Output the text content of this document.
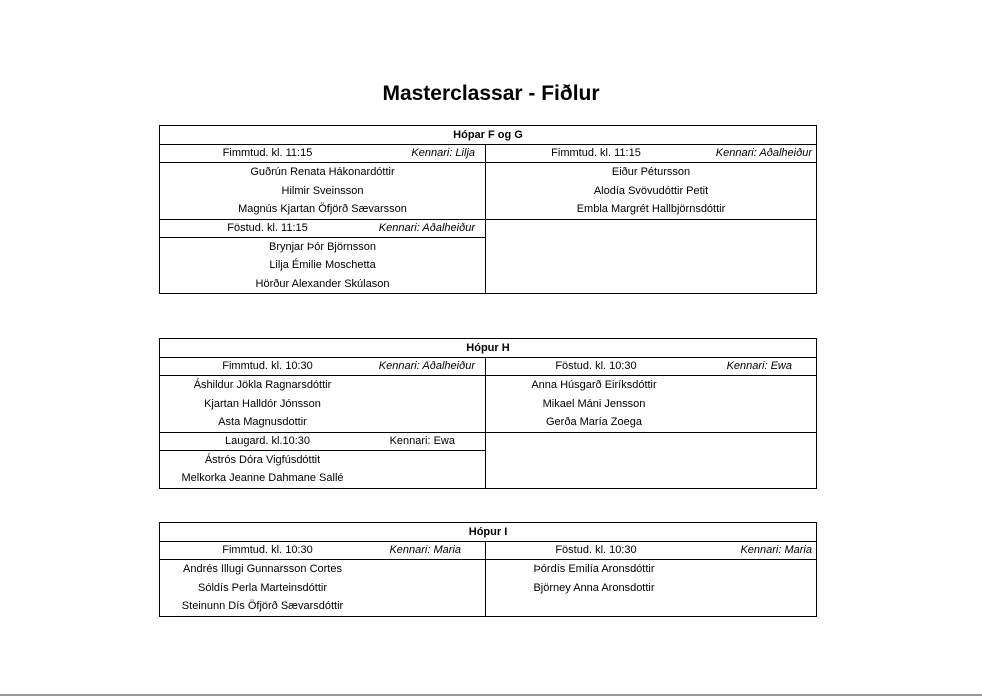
Masterclassar - Fiðlur
Hópar F og G
Fimmtud. kl. 11:15	Kennari: Lilja
Guðrún Renata Hákonardóttir
Hilmir Sveinsson
Magnús Kjartan Öfjörð Sævarsson
Föstud. kl. 11:15	Kennari: Aðalheiður
Brynjar Þór Björnsson
Lilja Émilie Moschetta
Hörður Alexander Skúlason
Fimmtud. kl. 11:15	Kennari: Aðalheiður
Eiður Pétursson
Alodía Svövudóttir Petit
Embla Margrét Hallbjörnsdóttir
Hópur H
Fimmtud. kl. 10:30	Kennari: Aðalheiður
Áshildur Jökla Ragnarsdóttir
Kjartan Halldór Jónsson
Asta Magnusdottir
Laugard. kl.10:30	Kennari: Ewa
Ástrós Dóra Vigfúsdóttit
Melkorka Jeanne Dahmane Sallé
Föstud. kl. 10:30	Kennari: Ewa
Anna Húsgarð Eiríksdóttir
Mikael Máni Jensson
Gerða María Zoega
Hópur I
Fimmtud. kl. 10:30	Kennari: Maria
Andrés Illugi Gunnarsson Cortes
Sóldís Perla Marteinsdóttir
Steinunn Dís Öfjörð Sævarsdóttir
Föstud. kl. 10:30	Kennari: Maria
Þórdís Emilía Aronsdóttir
Björney Anna Aronsdottir
